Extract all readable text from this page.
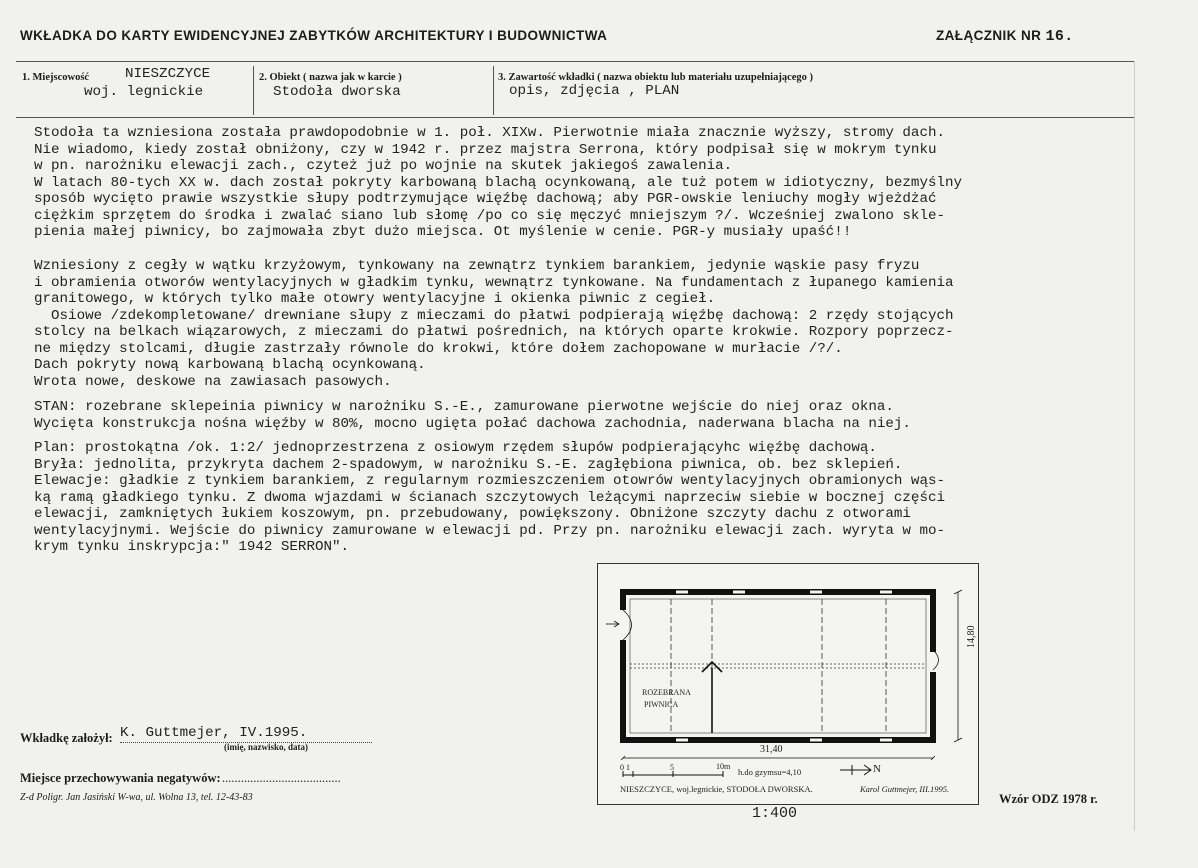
WKŁADKA DO KARTY EWIDENCYJNEJ ZABYTKÓW ARCHITEKTURY I BUDOWNICTWA	ZAŁĄCZNIK NR 16.
1. Miejscowość	NIESZCZYCE
woj. legnickie
2. Obiekt ( nazwa jak w karcie )
Stodoła dworska
3. Zawartość wkładki ( nazwa obiektu lub materiału uzupełniającego )
opis, zdjęcia , PLAN
Stodoła ta wzniesiona została prawdopodobnie w 1. poł. XIXw. Pierwotnie miała znacznie wyższy, stromy dach.
Nie wiadomo, kiedy został obniżony, czy w 1942 r. przez majstra Serrona, który podpisał się w mokrym tynku
w pn. narożniku elewacji zach., czyteż już po wojnie na skutek jakiegoś zawalenia.
W latach 80-tych XX w. dach został pokryty karbowaną blachą ocynkowaną, ale tuż potem w idiotyczny, bezmyślny
sposób wycięto prawie wszystkie słupy podtrzymujące więźbę dachową; aby PGR-owskie leniuchy mogły wjeżdżać
ciężkim sprzętem do środka i zwalać siano lub słomę /po co się męczyć mniejszym ?/. Wcześniej zwalono skle-
pienia małej piwnicy, bo zajmowała zbyt dużo miejsca. Ot myślenie w cenie. PGR-y musiały upaść!!
Wzniesiony z cegły w wątku krzyżowym, tynkowany na zewnątrz tynkiem barankiem, jedynie wąskie pasy fryzu
i obramienia otworów wentylacyjnych w gładkim tynku, wewnątrz tynkowane. Na fundamentach z łupanego kamienia
granitowego, w których tylko małe otowry wentylacyjne i okienka piwnic z cegieł.
Osiowe /zdekompletowane/ drewniane słupy z mieczami do płatwi podpierają więźbę dachową: 2 rzędy stojących
stolcy na belkach wiązarowych, z mieczami do płatwi pośrednich, na których oparte krokwie. Rozpory poprzecz-
ne między stolcami, długie zastrzały równole do krokwi, które dołem zachopowane w murłacie /?/.
Dach pokryty nową karbowaną blachą ocynkowaną.
Wrota nowe, deskowe na zawiasach pasowych.
STAN: rozebrane sklepeinia piwnicy w narożniku S.-E., zamurowane pierwotne wejście do niej oraz okna.
Wycięta konstrukcja nośna więźby w 80%, mocno ugięta połać dachowa zachodnia, naderwana blacha na niej.
Plan: prostokątna /ok. 1:2/ jednoprzestrzena z osiowym rzędem słupów podpierającyhc więźbę dachową.
Bryła: jednolita, przykryta dachem 2-spadowym, w narożniku S.-E. zagłębiona piwnica, ob. bez sklepień.
Elewacje: gładkie z tynkiem barankiem, z regularnym rozmieszczeniem otowrów wentylacyjnych obramionych wąs-
ką ramą gładkiego tynku. Z dwoma wjazdami w ścianach szczytowych leżącymi naprzeciw siebie w bocznej części
elewacji, zamkniętych łukiem koszowym, pn. przebudowany, powiększony. Obniżone szczyty dachu z otworami
wentylacyjnymi. Wejście do piwnicy zamurowane w elewacji pd. Przy pn. narożniku elewacji zach. wyryta w mo-
krym tynku inskrypcja:" 1942 SERRON".
14,80
31,40
ROZEBRANA
PIWNICA
0 1	5	10m
h.do gzymsu=4,10	N
NIESZCZYCE, woj.legnickie, STODOŁA DWORSKA.	Karol Guttmejer, III.1995.
1:400
Wkładkę założył: K. Guttmejer, IV.1995.
(imię, nazwisko, data)
Miejsce przechowywania negatywów: ......................................
Z-d Poligr. Jan Jasiński W-wa, ul. Wolna 13, tel. 12-43-83	Wzór ODZ 1978 r.
